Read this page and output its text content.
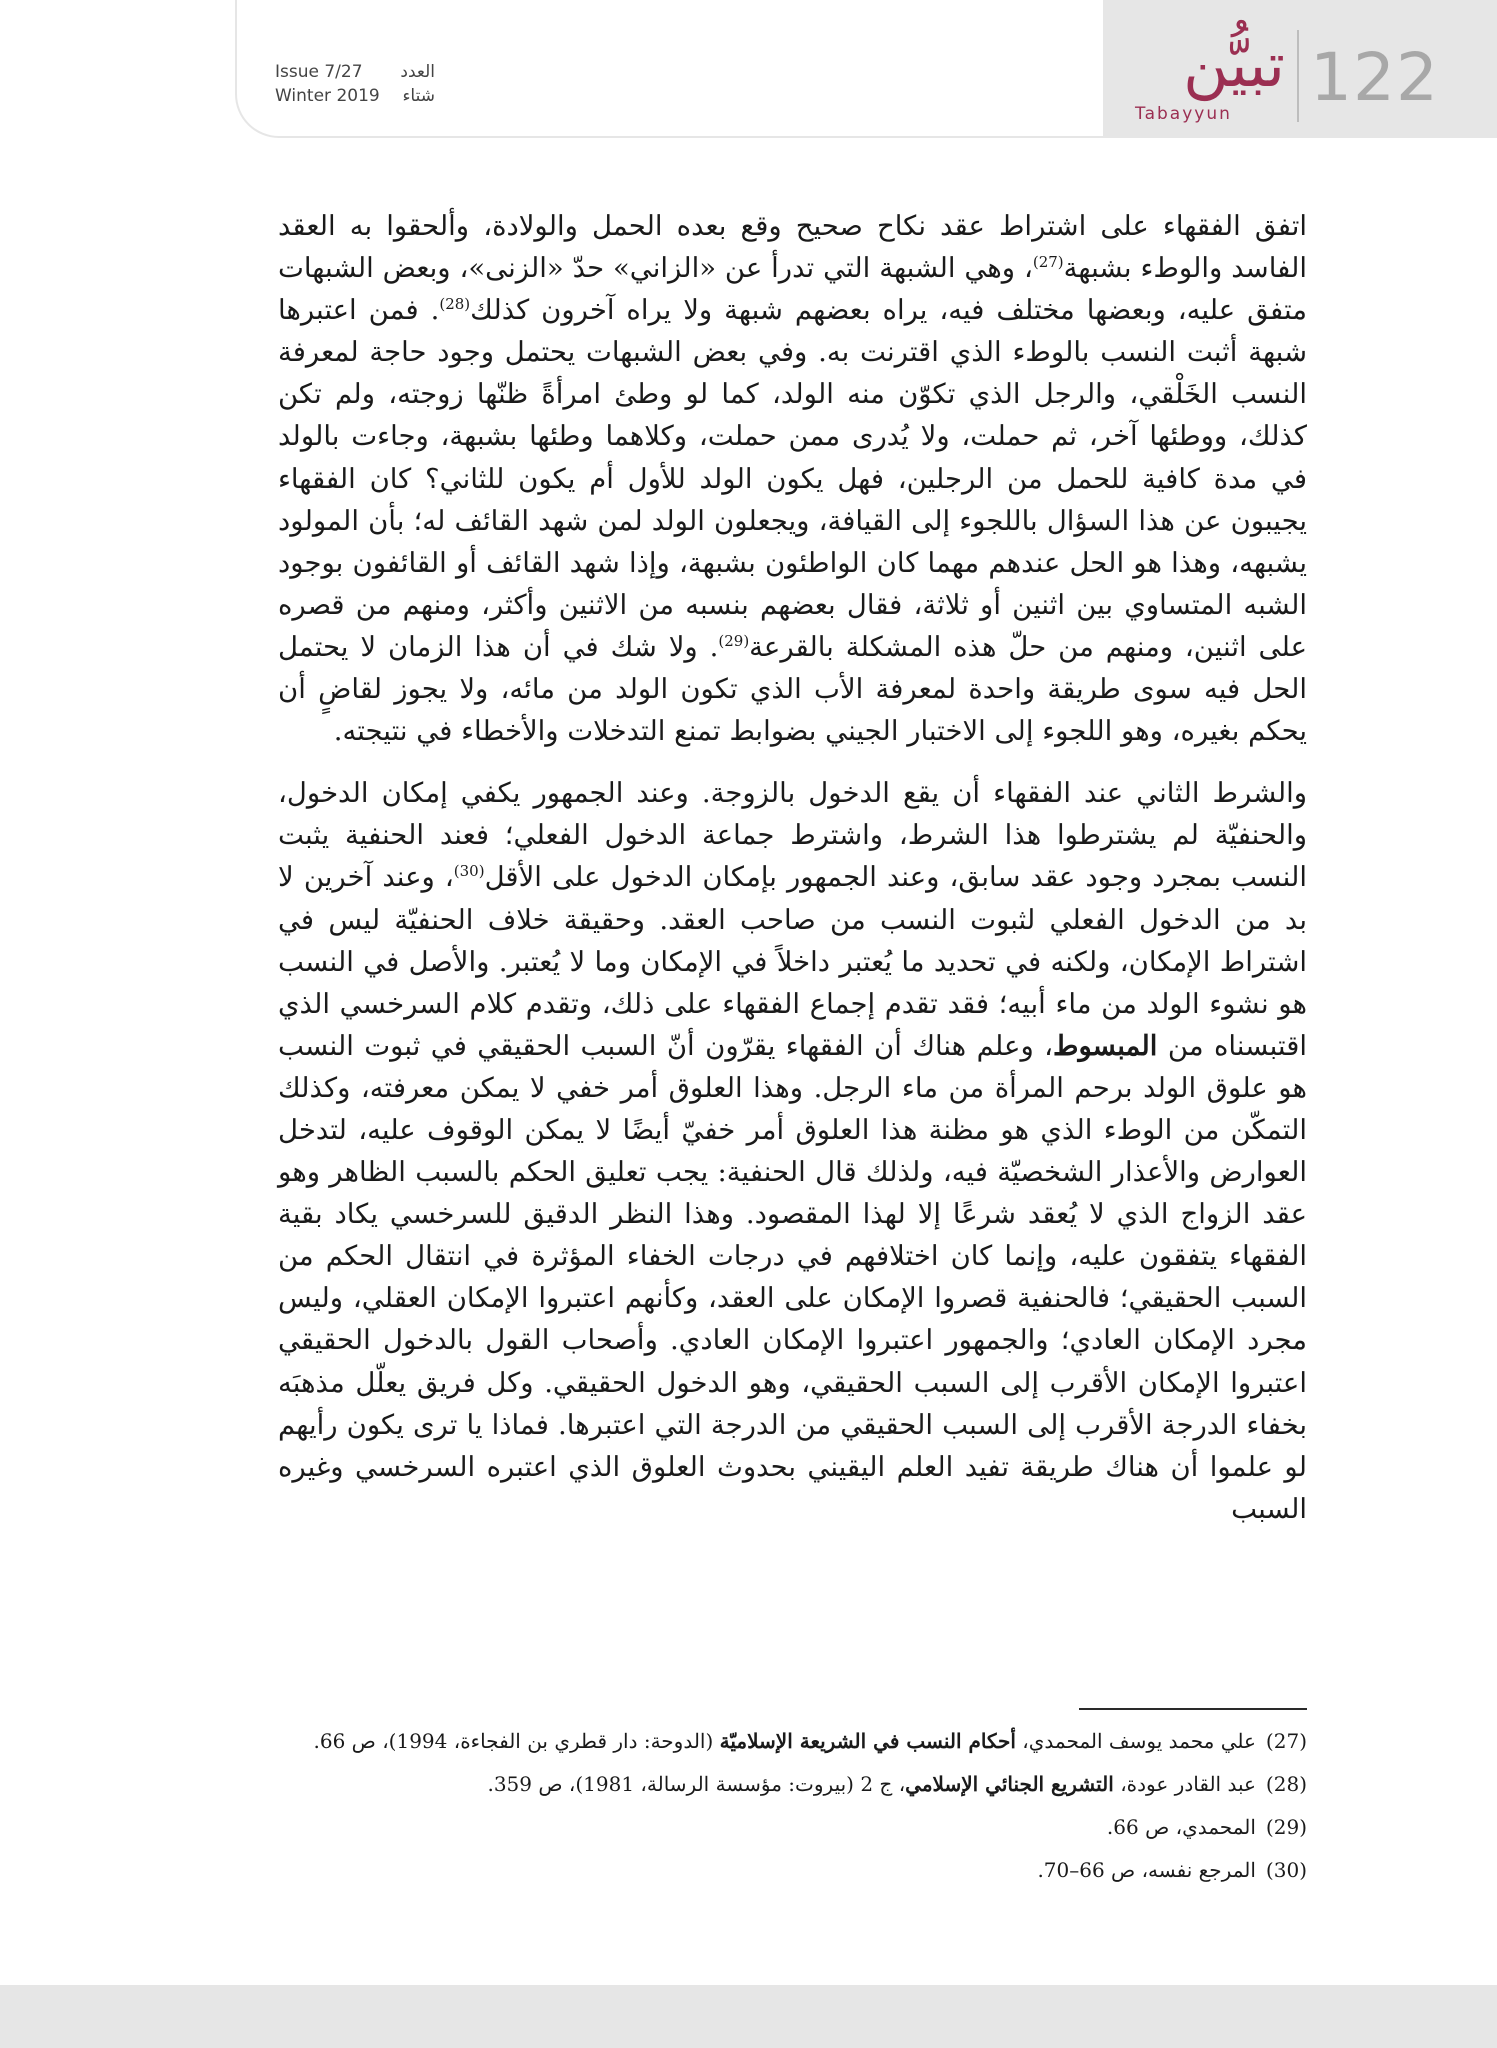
Issue 7/27 العدد
Winter 2019 شتاء	تبيُّن
Tabayyun 122

اتفق الفقهاء على اشتراط عقد نكاح صحيح وقع بعده الحمل والولادة، وألحقوا به العقد الفاسد والوطء بشبهة$^{(27)}$، وهي الشبهة التي تدرأ عن «الزاني» حدّ «الزنى»، وبعض الشبهات متفق عليه، وبعضها مختلف فيه، يراه بعضهم شبهة ولا يراه آخرون كذلك$^{(28)}$. فمن اعتبرها شبهة أثبت النسب بالوطء الذي اقترنت به. وفي بعض الشبهات يحتمل وجود حاجة لمعرفة النسب الخَلْقي، والرجل الذي تكوّن منه الولد، كما لو وطئ امرأةً ظنّها زوجته، ولم تكن كذلك، ووطئها آخر، ثم حملت، ولا يُدرى ممن حملت، وكلاهما وطئها بشبهة، وجاءت بالولد في مدة كافية للحمل من الرجلين، فهل يكون الولد للأول أم يكون للثاني؟ كان الفقهاء يجيبون عن هذا السؤال باللجوء إلى القيافة، ويجعلون الولد لمن شهد القائف له؛ بأن المولود يشبهه، وهذا هو الحل عندهم مهما كان الواطئون بشبهة، وإذا شهد القائف أو القائفون بوجود الشبه المتساوي بين اثنين أو ثلاثة، فقال بعضهم بنسبه من الاثنين وأكثر، ومنهم من قصره على اثنين، ومنهم من حلّ هذه المشكلة بالقرعة$^{(29)}$. ولا شك في أن هذا الزمان لا يحتمل الحل فيه سوى طريقة واحدة لمعرفة الأب الذي تكون الولد من مائه، ولا يجوز لقاضٍ أن يحكم بغيره، وهو اللجوء إلى الاختبار الجيني بضوابط تمنع التدخلات والأخطاء في نتيجته.

والشرط الثاني عند الفقهاء أن يقع الدخول بالزوجة. وعند الجمهور يكفي إمكان الدخول، والحنفيّة لم يشترطوا هذا الشرط، واشترط جماعة الدخول الفعلي؛ فعند الحنفية يثبت النسب بمجرد وجود عقد سابق، وعند الجمهور بإمكان الدخول على الأقل$^{(30)}$، وعند آخرين لا بد من الدخول الفعلي لثبوت النسب من صاحب العقد. وحقيقة خلاف الحنفيّة ليس في اشتراط الإمكان، ولكنه في تحديد ما يُعتبر داخلاً في الإمكان وما لا يُعتبر. والأصل في النسب هو نشوء الولد من ماء أبيه؛ فقد تقدم إجماع الفقهاء على ذلك، وتقدم كلام السرخسي الذي اقتبسناه من المبسوط، وعلم هناك أن الفقهاء يقرّون أنّ السبب الحقيقي في ثبوت النسب هو علوق الولد برحم المرأة من ماء الرجل. وهذا العلوق أمر خفي لا يمكن معرفته، وكذلك التمكّن من الوطء الذي هو مظنة هذا العلوق أمر خفيّ أيضًا لا يمكن الوقوف عليه، لتدخل العوارض والأعذار الشخصيّة فيه، ولذلك قال الحنفية: يجب تعليق الحكم بالسبب الظاهر وهو عقد الزواج الذي لا يُعقد شرعًا إلا لهذا المقصود. وهذا النظر الدقيق للسرخسي يكاد بقية الفقهاء يتفقون عليه، وإنما كان اختلافهم في درجات الخفاء المؤثرة في انتقال الحكم من السبب الحقيقي؛ فالحنفية قصروا الإمكان على العقد، وكأنهم اعتبروا الإمكان العقلي، وليس مجرد الإمكان العادي؛ والجمهور اعتبروا الإمكان العادي. وأصحاب القول بالدخول الحقيقي اعتبروا الإمكان الأقرب إلى السبب الحقيقي، وهو الدخول الحقيقي. وكل فريق يعلّل مذهبَه بخفاء الدرجة الأقرب إلى السبب الحقيقي من الدرجة التي اعتبرها. فماذا يا ترى يكون رأيهم لو علموا أن هناك طريقة تفيد العلم اليقيني بحدوث العلوق الذي اعتبره السرخسي وغيره السبب

(27)علي محمد يوسف المحمدي، أحكام النسب في الشريعة الإسلاميّة (الدوحة: دار قطري بن الفجاءة، 1994)، ص 66.
(28)عبد القادر عودة، التشريع الجنائي الإسلامي، ج 2 (بيروت: مؤسسة الرسالة، 1981)، ص 359.
(29)المحمدي، ص 66.
(30)المرجع نفسه، ص 66–70.
